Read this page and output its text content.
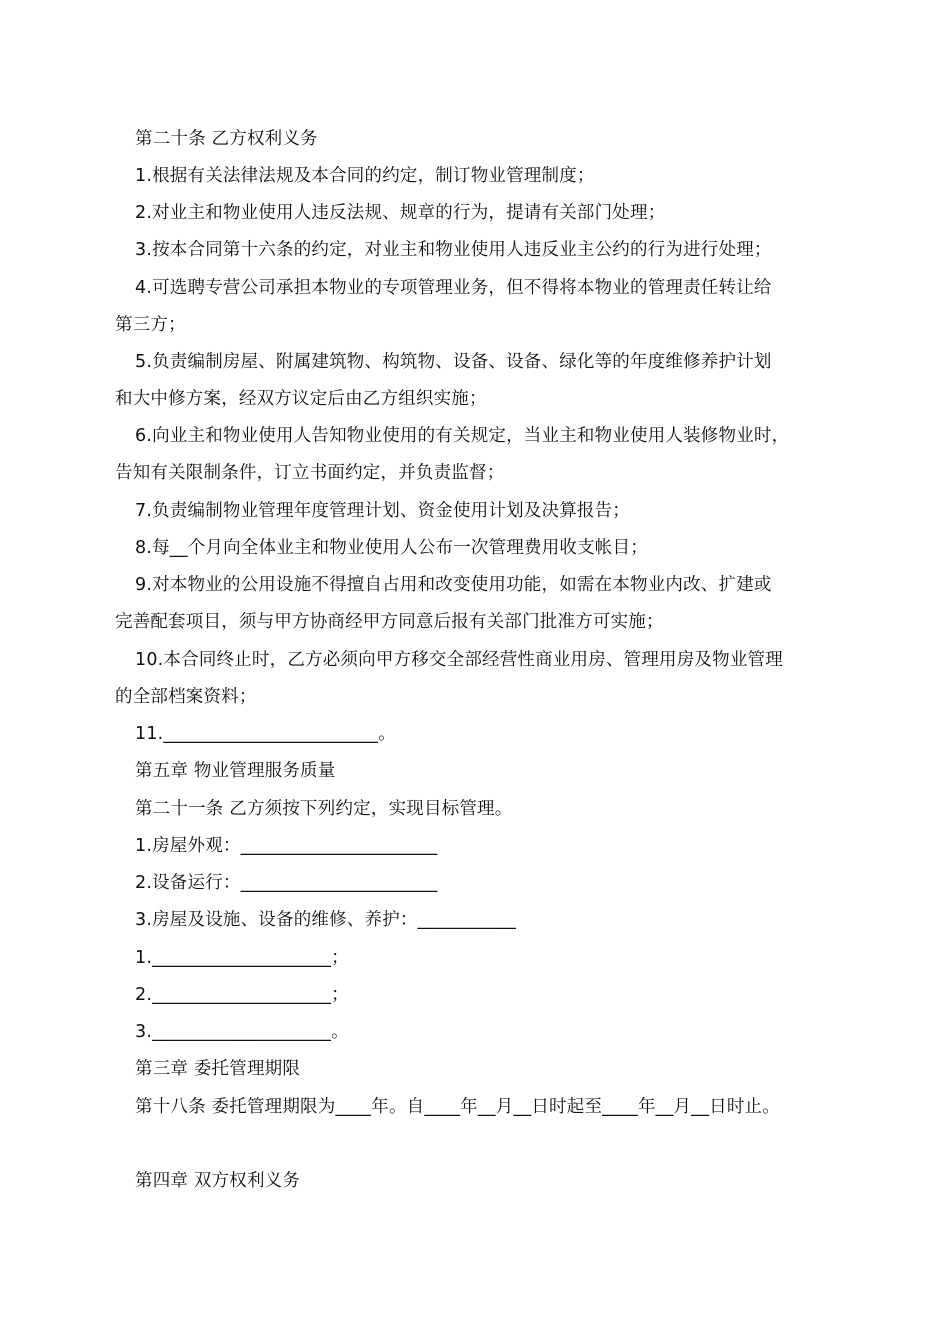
第二十条 乙方权利义务
1.根据有关法律法规及本合同的约定，制订物业管理制度；
2.对业主和物业使用人违反法规、规章的行为，提请有关部门处理；
3.按本合同第十六条的约定，对业主和物业使用人违反业主公约的行为进行处理；
4.可选聘专营公司承担本物业的专项管理业务，但不得将本物业的管理责任转让给
第三方；
5.负责编制房屋、附属建筑物、构筑物、设备、设备、绿化等的年度维修养护计划
和大中修方案，经双方议定后由乙方组织实施；
6.向业主和物业使用人告知物业使用的有关规定，当业主和物业使用人装修物业时，
告知有关限制条件，订立书面约定，并负责监督；
7.负责编制物业管理年度管理计划、资金使用计划及决算报告；
8.每__个月向全体业主和物业使用人公布一次管理费用收支帐目；
9.对本物业的公用设施不得擅自占用和改变使用功能，如需在本物业内改、扩建或
完善配套项目，须与甲方协商经甲方同意后报有关部门批准方可实施；
10.本合同终止时，乙方必须向甲方移交全部经营性商业用房、管理用房及物业管理
的全部档案资料；
11.________________________。
第五章 物业管理服务质量
第二十一条 乙方须按下列约定，实现目标管理。
1.房屋外观：______________________
2.设备运行：______________________
3.房屋及设施、设备的维修、养护：___________
1.____________________；
2.____________________；
3.____________________。
第三章 委托管理期限
第十八条 委托管理期限为____年。自____年__月__日时起至____年__月__日时止。
第四章 双方权利义务
